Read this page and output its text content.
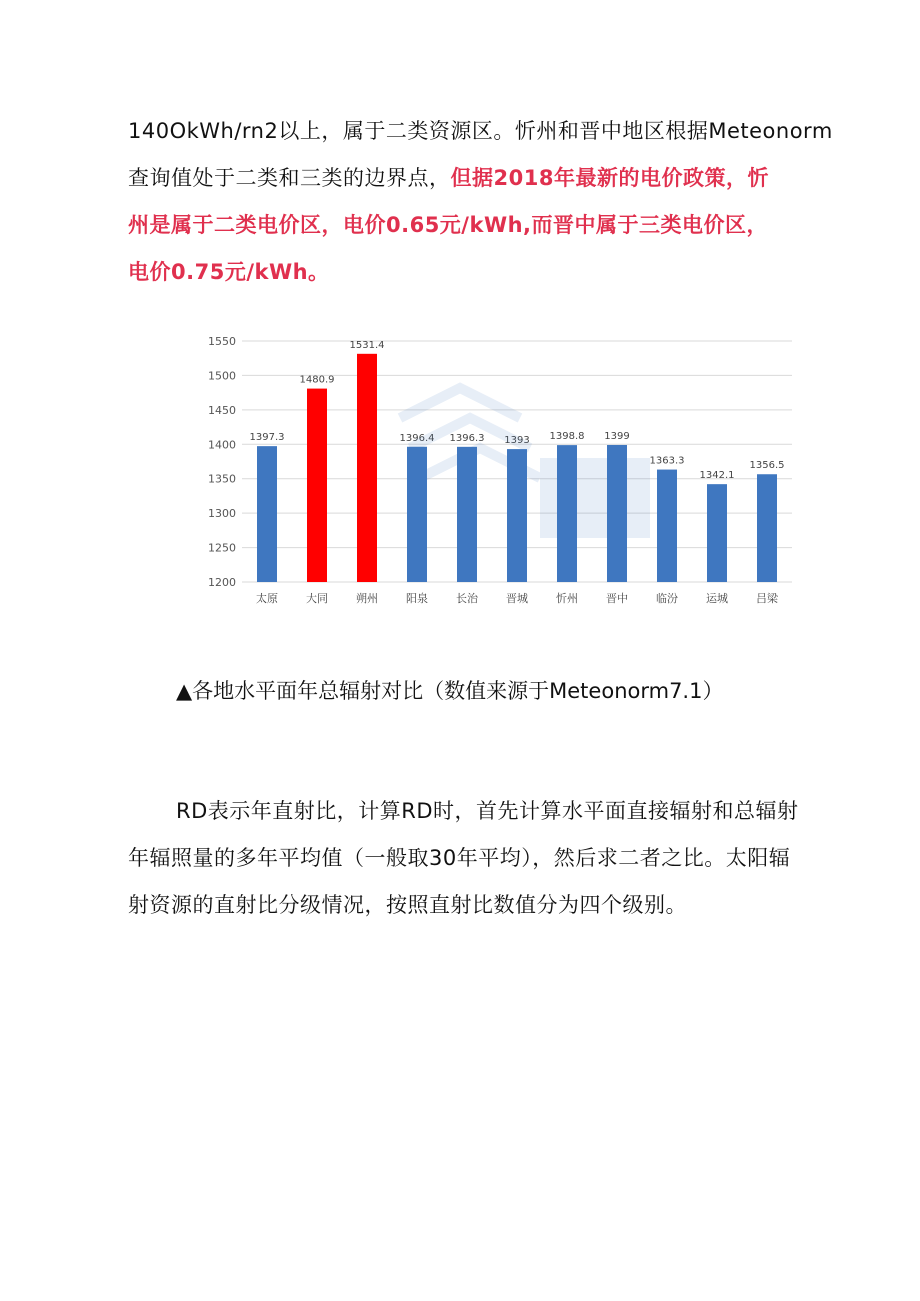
140OkWh/rn2以上，属于二类资源区。忻州和晋中地区根据Meteonorm
查询值处于二类和三类的边界点，但据2018年最新的电价政策，忻
州是属于二类电价区，电价0.65元/kWh,而晋中属于三类电价区，
电价0.75元/kWh。

1200
1250
1300
1350
1400
1450
1500
1550
1397.3
太原
1480.9
大同
1531.4
朔州
1396.4
阳泉
1396.3
长治
1393
晋城
1398.8
忻州
1399
晋中
1363.3
临汾
1342.1
运城
1356.5
吕梁

▲各地水平面年总辐射对比（数值来源于Meteonorm7.1）

RD表示年直射比，计算RD时，首先计算水平面直接辐射和总辐射
年辐照量的多年平均值（一般取30年平均），然后求二者之比。太阳辐
射资源的直射比分级情况，按照直射比数值分为四个级别。
